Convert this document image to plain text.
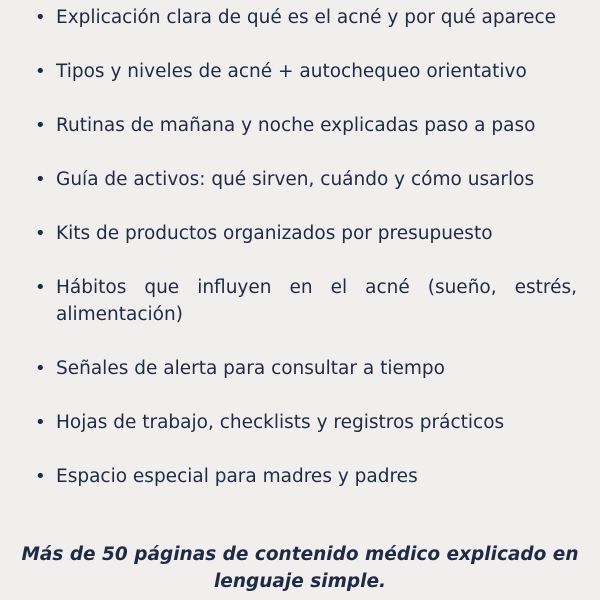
• Explicación clara de qué es el acné y por qué aparece
• Tipos y niveles de acné + autochequeo orientativo
• Rutinas de mañana y noche explicadas paso a paso
• Guía de activos: qué sirven, cuándo y cómo usarlos
• Kits de productos organizados por presupuesto
• Hábitos que influyen en el acné (sueño, estrés, alimentación)
• Señales de alerta para consultar a tiempo
• Hojas de trabajo, checklists y registros prácticos
• Espacio especial para madres y padres
Más de 50 páginas de contenido médico explicado en lenguaje simple.
